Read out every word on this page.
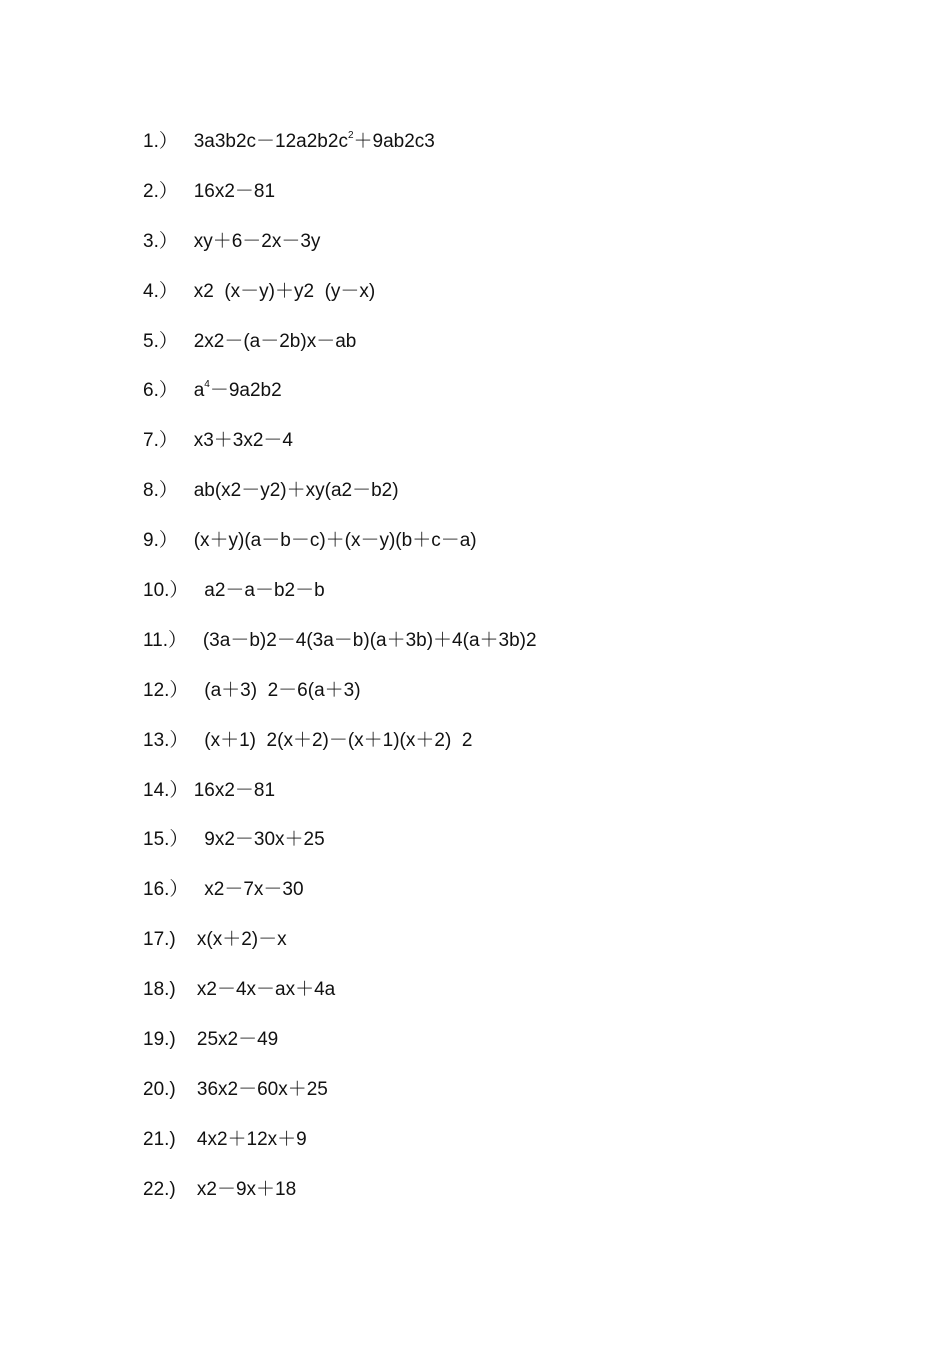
1.） $3a3b2c-12a2b2c^2+9ab2c3$
2.） 16x2－81
3.） xy＋6－2x－3y
4.） x2  (x－y)＋y2  (y－x)
5.） 2x2－(a－2b)x－ab
6.） $a^4-9a2b2$
7.） x3＋3x2－4
8.） ab(x2－y2)＋xy(a2－b2)
9.） (x＋y)(a－b－c)＋(x－y)(b＋c－a)
10.） a2－a－b2－b
11.） (3a－b)2－4(3a－b)(a＋3b)＋4(a＋3b)2
12.） (a＋3)  2－6(a＋3)
13.） (x＋1)  2(x＋2)－(x＋1)(x＋2)  2
14.） 16x2－81
15.） 9x2－30x＋25
16.） x2－7x－30
17.) x(x＋2)－x
18.) x2－4x－ax＋4a
19.) 25x2－49
20.) 36x2－60x＋25
21.) 4x2＋12x＋9
22.) x2－9x＋18
